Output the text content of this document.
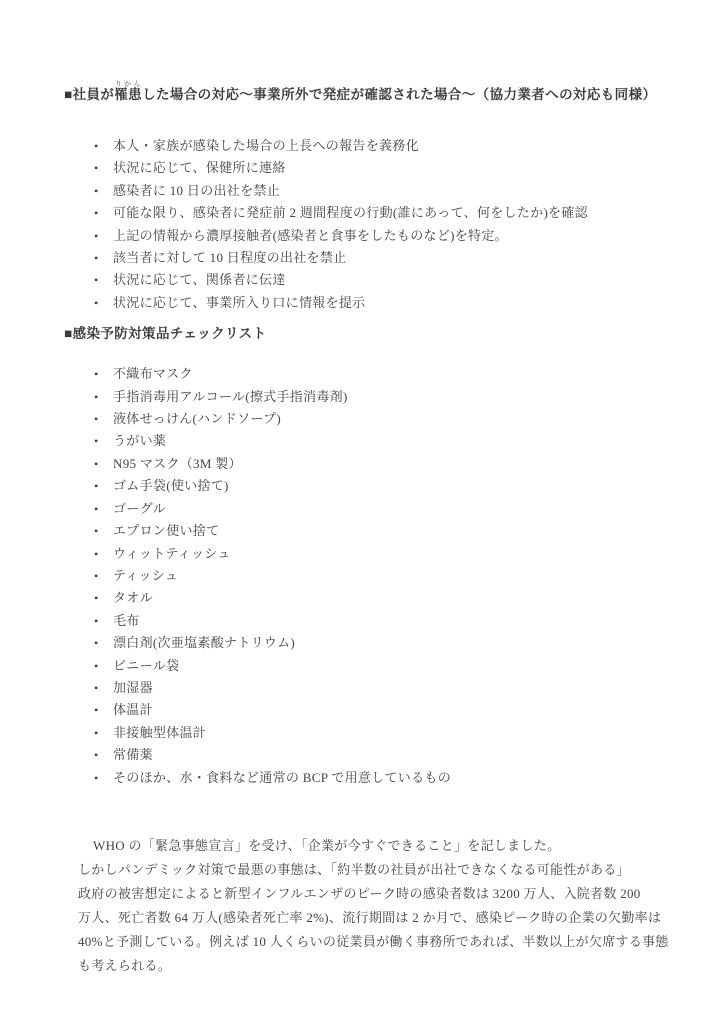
■社員が罹患りかんした場合の対応～事業所外で発症が確認された場合～（協力業者への対応も同様）
• 本人・家族が感染した場合の上長への報告を義務化
• 状況に応じて、保健所に連絡
• 感染者に 10 日の出社を禁止
• 可能な限り、感染者に発症前 2 週間程度の行動(誰にあって、何をしたか)を確認
• 上記の情報から濃厚接触者(感染者と食事をしたものなど)を特定。
• 該当者に対して 10 日程度の出社を禁止
• 状況に応じて、関係者に伝達
• 状況に応じて、事業所入り口に情報を提示
■感染予防対策品チェックリスト
• 不織布マスク
• 手指消毒用アルコール(擦式手指消毒剤)
• 液体せっけん(ハンドソープ)
• うがい薬
• N95 マスク（3M 製）
• ゴム手袋(使い捨て)
• ゴーグル
• エプロン使い捨て
• ウィットティッシュ
• ティッシュ
• タオル
• 毛布
• 漂白剤(次亜塩素酸ナトリウム)
• ビニール袋
• 加湿器
• 体温計
• 非接触型体温計
• 常備薬
• そのほか、水・食料など通常の BCP で用意しているもの
WHO の「緊急事態宣言」を受け、「企業が今すぐできること」を記しました。
しかしパンデミック対策で最悪の事態は、「約半数の社員が出社できなくなる可能性がある」
政府の被害想定によると新型インフルエンザのピーク時の感染者数は 3200 万人、入院者数 200
万人、死亡者数 64 万人(感染者死亡率 2%)、流行期間は 2 か月で、感染ピーク時の企業の欠勤率は
40%と予測している。例えば 10 人くらいの従業員が働く事務所であれば、半数以上が欠席する事態
も考えられる。
